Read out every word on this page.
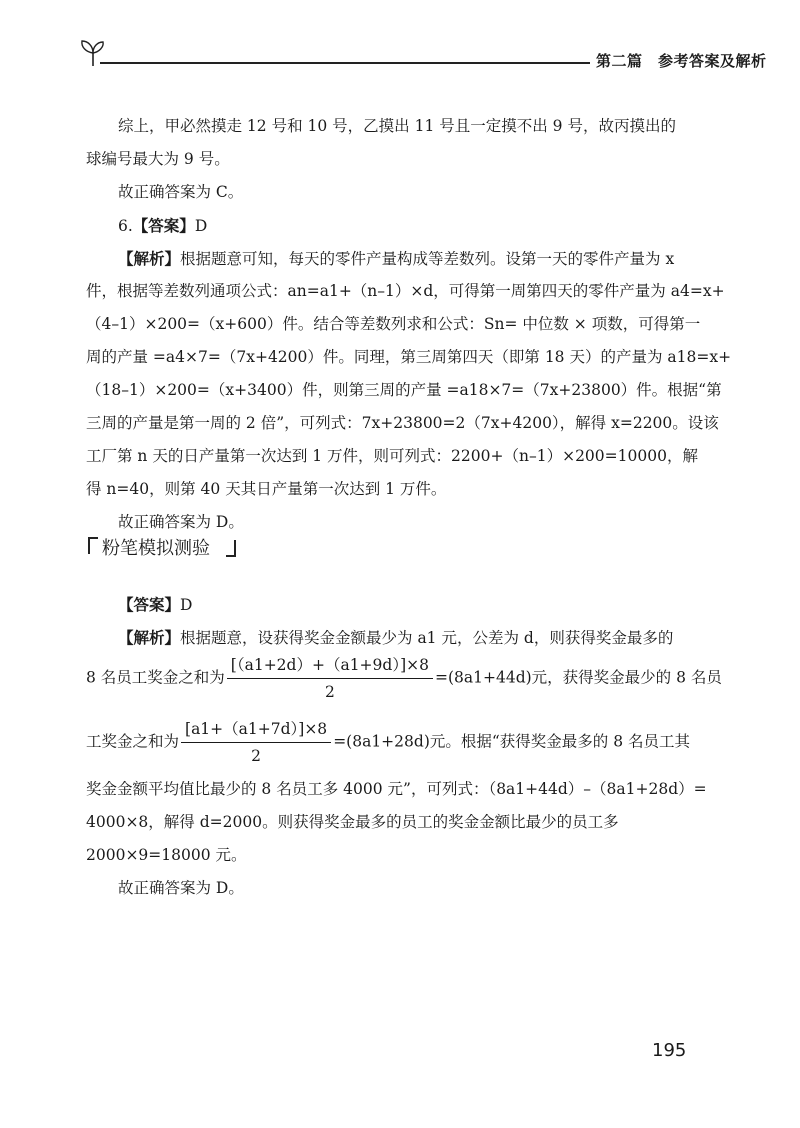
第二篇　参考答案及解析
综上，甲必然摸走 12 号和 10 号，乙摸出 11 号且一定摸不出 9 号，故丙摸出的
球编号最大为 9 号。
故正确答案为 C。
6.【答案】D
【解析】根据题意可知，每天的零件产量构成等差数列。设第一天的零件产量为 x
件，根据等差数列通项公式：an=a1+（n–1）×d，可得第一周第四天的零件产量为 a4=x+
（4–1）×200=（x+600）件。结合等差数列求和公式：Sn= 中位数 × 项数，可得第一
周的产量 =a4×7=（7x+4200）件。同理，第三周第四天（即第 18 天）的产量为 a18=x+
（18–1）×200=（x+3400）件，则第三周的产量 =a18×7=（7x+23800）件。根据“第
三周的产量是第一周的 2 倍”，可列式：7x+23800=2（7x+4200），解得 x=2200。设该
工厂第 n 天的日产量第一次达到 1 万件，则可列式：2200+（n–1）×200=10000，解
得 n=40，则第 40 天其日产量第一次达到 1 万件。
故正确答案为 D。
粉笔模拟测验
【答案】D
【解析】根据题意，设获得奖金金额最少为 a1 元，公差为 d，则获得奖金最多的
8 名员工奖金之和为 $\frac{[(a1+2d)+(a1+9d)]\times 8}{2} =(8a1+44d)$元，获得奖金最少的 8 名员
工奖金之和为 $\frac{[a1+(a1+7d)]\times 8}{2} =(8a1+28d)$元。根据“获得奖金最多的 8 名员工其
奖金金额平均值比最少的 8 名员工多 4000 元”，可列式：（8a1+44d）–（8a1+28d）=
4000×8，解得 d=2000。则获得奖金最多的员工的奖金金额比最少的员工多
2000×9=18000 元。
故正确答案为 D。
195
